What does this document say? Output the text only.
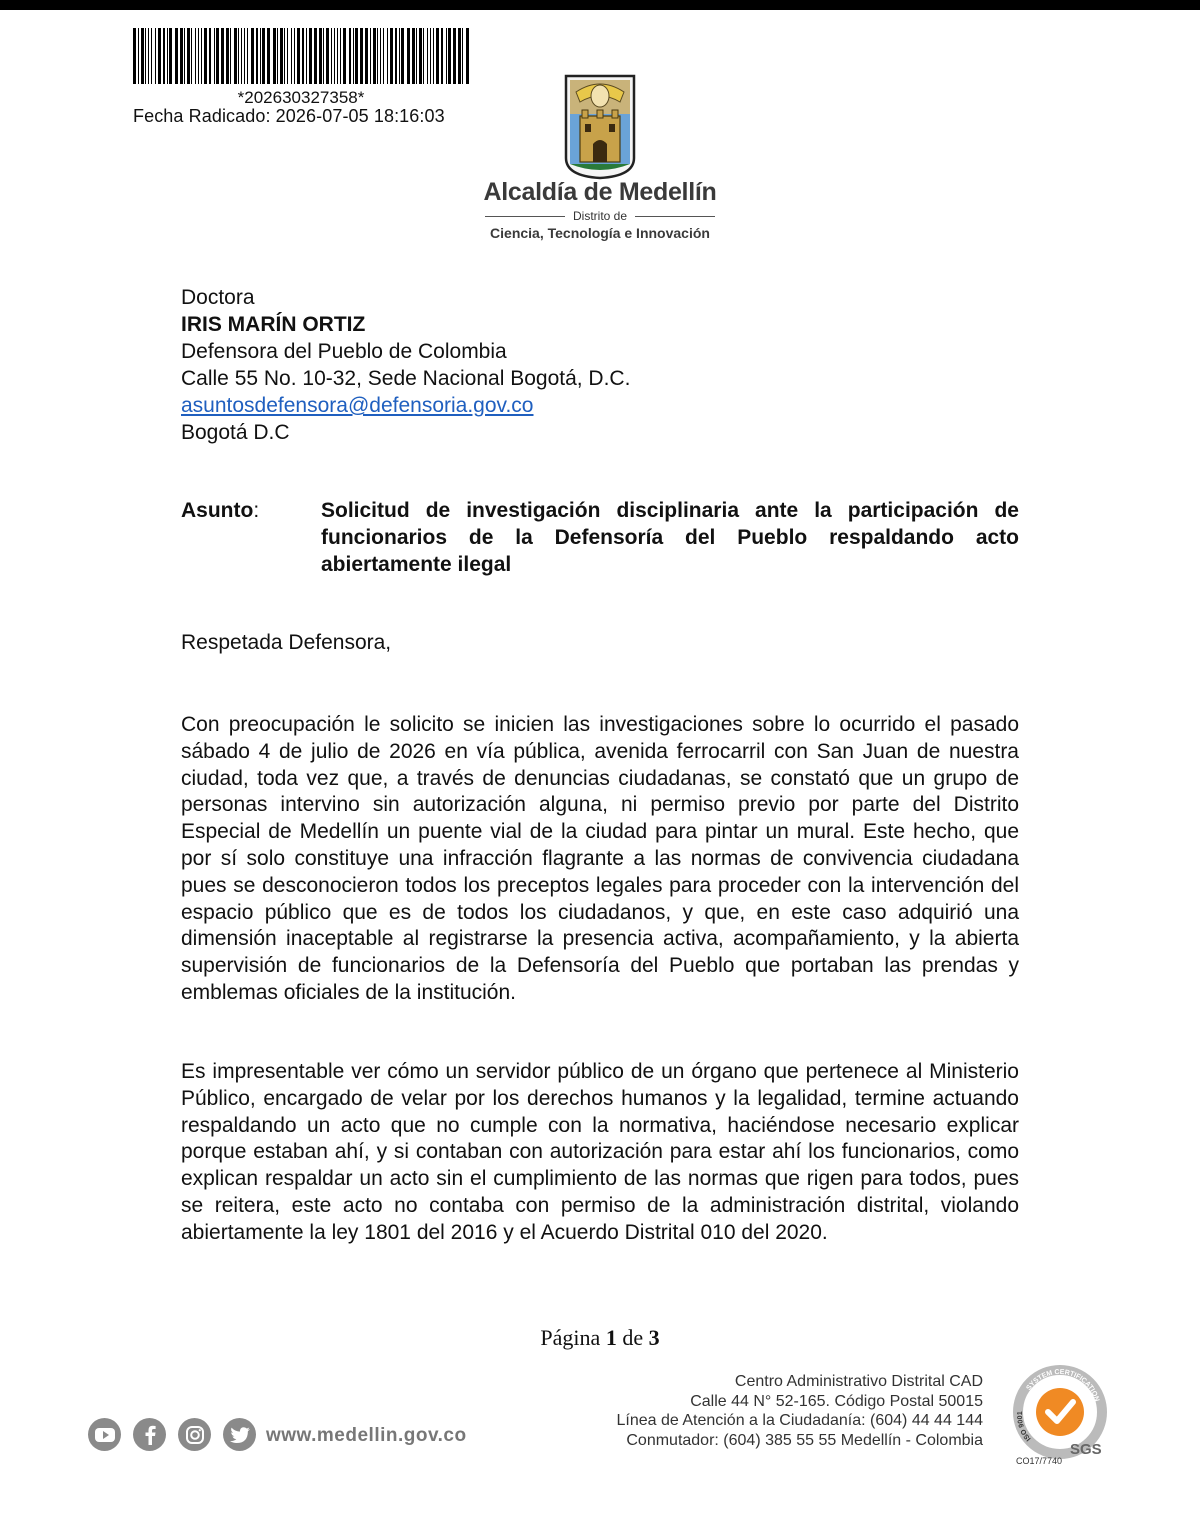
*202630327358*
Fecha Radicado: 2026-07-05 18:16:03
Alcaldía de Medellín
Distrito de
Ciencia, Tecnología e Innovación
Doctora
IRIS MARÍN ORTIZ
Defensora del Pueblo de Colombia
Calle 55 No. 10-32, Sede Nacional Bogotá, D.C.
asuntosdefensora@defensoria.gov.co
Bogotá D.C
Asunto:	Solicitud de investigación disciplinaria ante la participación de funcionarios de la Defensoría del Pueblo respaldando acto abiertamente ilegal
Respetada Defensora,

Con preocupación le solicito se inicien las investigaciones sobre lo ocurrido el pasado sábado 4 de julio de 2026 en vía pública, avenida ferrocarril con San Juan de nuestra ciudad, toda vez que, a través de denuncias ciudadanas, se constató que un grupo de personas intervino sin autorización alguna, ni permiso previo por parte del Distrito Especial de Medellín un puente vial de la ciudad para pintar un mural. Este hecho, que por sí solo constituye una infracción flagrante a las normas de convivencia ciudadana pues se desconocieron todos los preceptos legales para proceder con la intervención del espacio público que es de todos los ciudadanos, y que, en este caso adquirió una dimensión inaceptable al registrarse la presencia activa, acompañamiento, y la abierta supervisión de funcionarios de la Defensoría del Pueblo que portaban las prendas y emblemas oficiales de la institución.

Es impresentable ver cómo un servidor público de un órgano que pertenece al Ministerio Público, encargado de velar por los derechos humanos y la legalidad, termine actuando respaldando un acto que no cumple con la normativa, haciéndose necesario explicar porque estaban ahí, y si contaban con autorización para estar ahí los funcionarios, como explican respaldar un acto sin el cumplimiento de las normas que rigen para todos, pues se reitera, este acto no contaba con permiso de la administración distrital, violando abiertamente la ley 1801 del 2016 y el Acuerdo Distrital 010 del 2020.

Página 1 de 3
www.medellin.gov.co
Centro Administrativo Distrital CAD
Calle 44 N° 52-165. Código Postal 50015
Línea de Atención a la Ciudadanía: (604) 44 44 144
Conmutador: (604) 385 55 55 Medellín - Colombia
SYSTEM CERTIFICATION
ISO 9001
SGS
CO17/7740
